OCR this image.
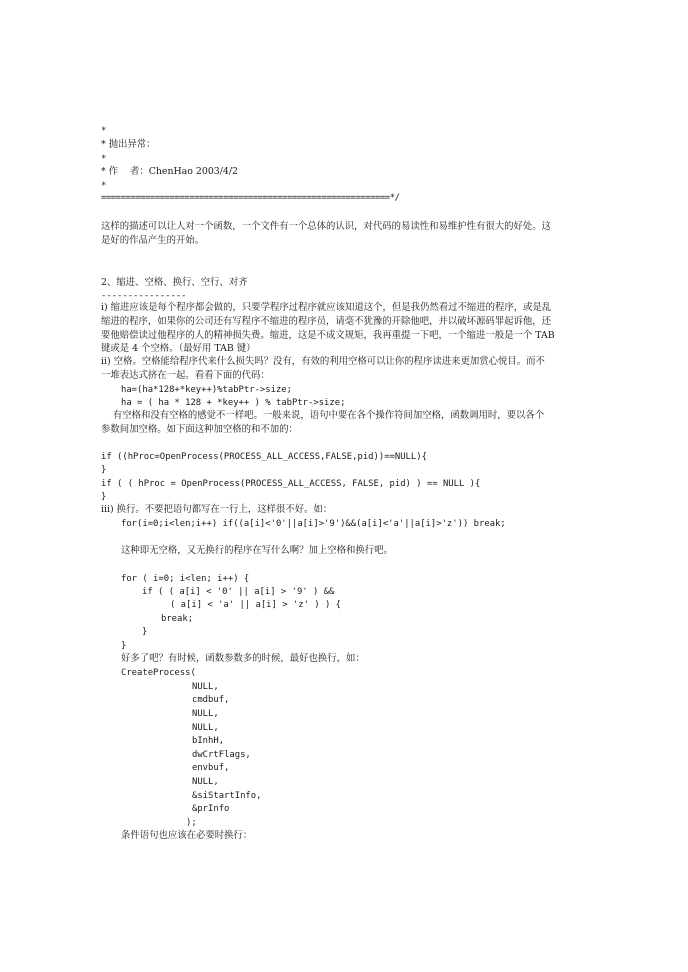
*
* 抛出异常：
*
* 作    者：ChenHao 2003/4/2
*
===========================================================*/
这样的描述可以让人对一个函数，一个文件有一个总体的认识，对代码的易读性和易维护性有很大的好处。这
是好的作品产生的开始。
2、缩进、空格、换行、空行、对齐
----------------
i) 缩进应该是每个程序都会做的，只要学程序过程序就应该知道这个，但是我仍然看过不缩进的程序，或是乱
缩进的程序，如果你的公司还有写程序不缩进的程序员，请毫不犹豫的开除他吧，并以破坏源码罪起诉他，还
要他赔偿读过他程序的人的精神损失费。缩进，这是不成文规矩，我再重提一下吧，一个缩进一般是一个 TAB
键或是 4 个空格。（最好用 TAB 键）
ii) 空格。空格能给程序代来什么损失吗？没有，有效的利用空格可以让你的程序读进来更加赏心悦目。而不
一堆表达式挤在一起。看看下面的代码：
ha=(ha*128+*key++)%tabPtr->size;
ha = ( ha * 128 + *key++ ) % tabPtr->size;
有空格和没有空格的感觉不一样吧。一般来说，语句中要在各个操作符间加空格，函数调用时，要以各个
参数间加空格。如下面这种加空格的和不加的：
if ((hProc=OpenProcess(PROCESS_ALL_ACCESS,FALSE,pid))==NULL){
}
if ( ( hProc = OpenProcess(PROCESS_ALL_ACCESS, FALSE, pid) ) == NULL ){
}
iii) 换行。不要把语句都写在一行上，这样很不好。如：
for(i=0;i<len;i++) if((a[i]<'0'||a[i]>'9')&&(a[i]<'a'||a[i]>'z')) break;
这种即无空格，又无换行的程序在写什么啊？加上空格和换行吧。
for ( i=0; i<len; i++) {
if ( ( a[i] < '0' || a[i] > '9' ) &&
( a[i] < 'a' || a[i] > 'z' ) ) {
break;
}
}
好多了吧？有时候，函数参数多的时候，最好也换行，如：
CreateProcess(
NULL,
cmdbuf,
NULL,
NULL,
bInhH,
dwCrtFlags,
envbuf,
NULL,
&siStartInfo,
&prInfo
);
条件语句也应该在必要时换行：
